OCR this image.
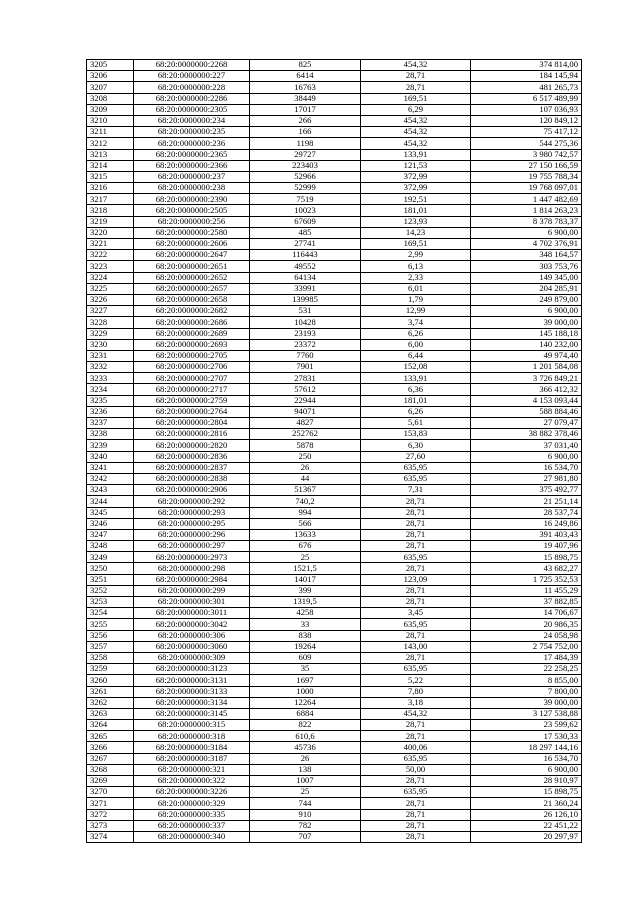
3205	68:20:0000000:2268	825	454,32	374 814,00
3206	68:20:0000000:227	6414	28,71	184 145,94
3207	68:20:0000000:228	16763	28,71	481 265,73
3208	68:20:0000000:2286	38449	169,51	6 517 489,99
3209	68:20:0000000:2305	17017	6,29	107 036,93
3210	68:20:0000000:234	266	454,32	120 849,12
3211	68:20:0000000:235	166	454,32	75 417,12
3212	68:20:0000000:236	1198	454,32	544 275,36
3213	68:20:0000000:2365	29727	133,91	3 980 742,57
3214	68:20:0000000:2366	223403	121,53	27 150 166,59
3215	68:20:0000000:237	52966	372,99	19 755 788,34
3216	68:20:0000000:238	52999	372,99	19 768 097,01
3217	68:20:0000000:2390	7519	192,51	1 447 482,69
3218	68:20:0000000:2505	10023	181,01	1 814 263,23
3219	68:20:0000000:256	67609	123,93	8 378 783,37
3220	68:20:0000000:2580	485	14,23	6 900,00
3221	68:20:0000000:2606	27741	169,51	4 702 376,91
3222	68:20:0000000:2647	116443	2,99	348 164,57
3223	68:20:0000000:2651	49552	6,13	303 753,76
3224	68:20:0000000:2652	64134	2,33	149 345,00
3225	68:20:0000000:2657	33991	6,01	204 285,91
3226	68:20:0000000:2658	139985	1,79	249 879,00
3227	68:20:0000000:2682	531	12,99	6 900,00
3228	68:20:0000000:2686	10428	3,74	39 000,00
3229	68:20:0000000:2689	23193	6,26	145 188,18
3230	68:20:0000000:2693	23372	6,00	140 232,00
3231	68:20:0000000:2705	7760	6,44	49 974,40
3232	68:20:0000000:2706	7901	152,08	1 201 584,08
3233	68:20:0000000:2707	27831	133,91	3 726 849,21
3234	68:20:0000000:2717	57612	6,36	366 412,32
3235	68:20:0000000:2759	22944	181,01	4 153 093,44
3236	68:20:0000000:2764	94071	6,26	588 884,46
3237	68:20:0000000:2804	4827	5,61	27 079,47
3238	68:20:0000000:2816	252762	153,83	38 882 378,46
3239	68:20:0000000:2820	5878	6,30	37 031,40
3240	68:20:0000000:2836	250	27,60	6 900,00
3241	68:20:0000000:2837	26	635,95	16 534,70
3242	68:20:0000000:2838	44	635,95	27 981,80
3243	68:20:0000000:2906	51367	7,31	375 492,77
3244	68:20:0000000:292	740,2	28,71	21 251,14
3245	68:20:0000000:293	994	28,71	28 537,74
3246	68:20:0000000:295	566	28,71	16 249,86
3247	68:20:0000000:296	13633	28,71	391 403,43
3248	68:20:0000000:297	676	28,71	19 407,96
3249	68:20:0000000:2973	25	635,95	15 898,75
3250	68:20:0000000:298	1521,5	28,71	43 682,27
3251	68:20:0000000:2984	14017	123,09	1 725 352,53
3252	68:20:0000000:299	399	28,71	11 455,29
3253	68:20:0000000:301	1319,5	28,71	37 882,85
3254	68:20:0000000:3011	4258	3,45	14 706,67
3255	68:20:0000000:3042	33	635,95	20 986,35
3256	68:20:0000000:306	838	28,71	24 058,98
3257	68:20:0000000:3060	19264	143,00	2 754 752,00
3258	68:20:0000000:309	609	28,71	17 484,39
3259	68:20:0000000:3123	35	635,95	22 258,25
3260	68:20:0000000:3131	1697	5,22	8 855,00
3261	68:20:0000000:3133	1000	7,80	7 800,00
3262	68:20:0000000:3134	12264	3,18	39 000,00
3263	68:20:0000000:3145	6884	454,32	3 127 538,88
3264	68:20:0000000:315	822	28,71	23 599,62
3265	68:20:0000000:318	610,6	28,71	17 530,33
3266	68:20:0000000:3184	45736	400,06	18 297 144,16
3267	68:20:0000000:3187	26	635,95	16 534,70
3268	68:20:0000000:321	138	50,00	6 900,00
3269	68:20:0000000:322	1007	28,71	28 910,97
3270	68:20:0000000:3226	25	635,95	15 898,75
3271	68:20:0000000:329	744	28,71	21 360,24
3272	68:20:0000000:335	910	28,71	26 126,10
3273	68:20:0000000:337	782	28,71	22 451,22
3274	68:20:0000000:340	707	28,71	20 297,97
